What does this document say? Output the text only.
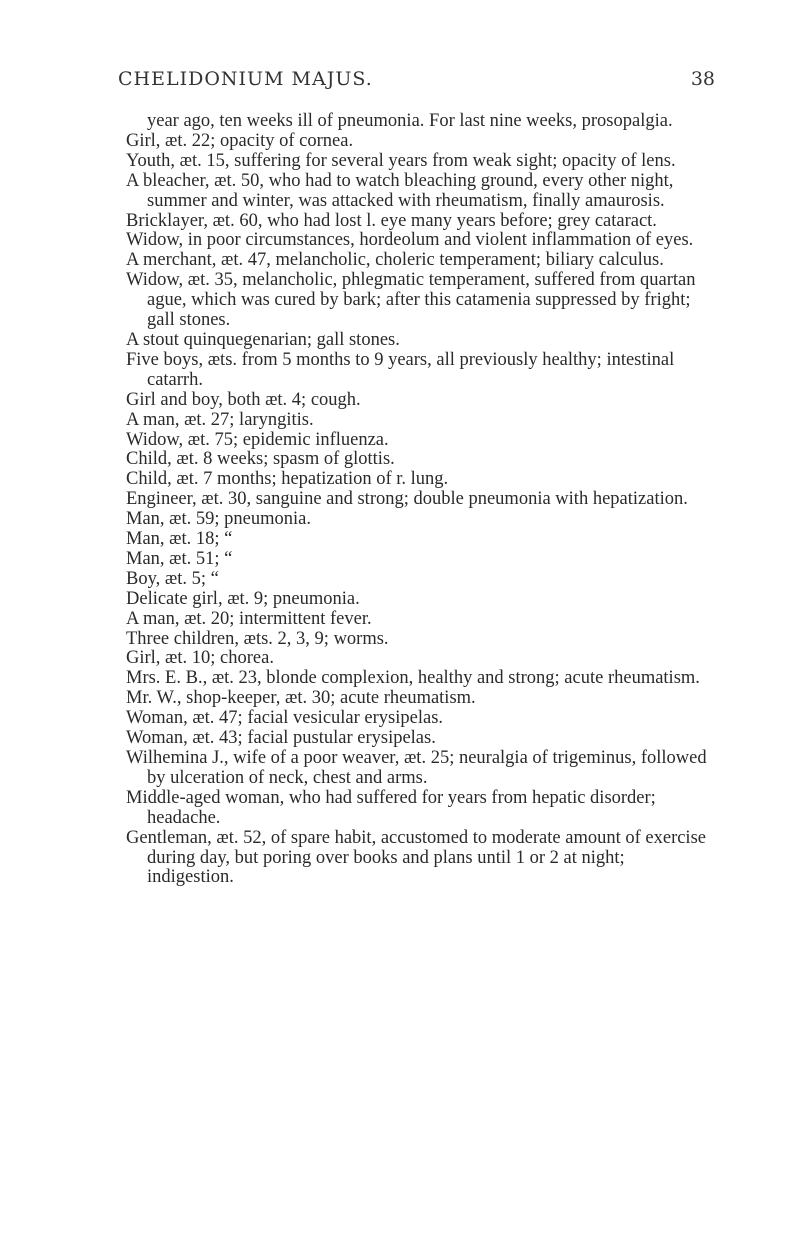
CHELIDONIUM MAJUS.	38

year ago, ten weeks ill of pneumonia. For last nine weeks, prosopalgia.

Girl, æt. 22; opacity of cornea.

Youth, æt. 15, suffering for several years from weak sight; opacity of lens.

A bleacher, æt. 50, who had to watch bleaching ground, every other night, summer and winter, was attacked with rheumatism, finally amaurosis.

Bricklayer, æt. 60, who had lost l. eye many years before; grey cataract.

Widow, in poor circumstances, hordeolum and violent inflammation of eyes.

A merchant, æt. 47, melancholic, choleric temperament; biliary calculus.

Widow, æt. 35, melancholic, phlegmatic temperament, suffered from quartan ague, which was cured by bark; after this catamenia suppressed by fright; gall stones.

A stout quinquegenarian; gall stones.

Five boys, æts. from 5 months to 9 years, all previously healthy; intestinal catarrh.

Girl and boy, both æt. 4; cough.

A man, æt. 27; laryngitis.

Widow, æt. 75; epidemic influenza.

Child, æt. 8 weeks; spasm of glottis.

Child, æt. 7 months; hepatization of r. lung.

Engineer, æt. 30, sanguine and strong; double pneumonia with hepatization.

Man, æt. 59; pneumonia.

Man, æt. 18; “

Man, æt. 51; “

Boy, æt. 5; “

Delicate girl, æt. 9; pneumonia.

A man, æt. 20; intermittent fever.

Three children, æts. 2, 3, 9; worms.

Girl, æt. 10; chorea.

Mrs. E. B., æt. 23, blonde complexion, healthy and strong; acute rheumatism.

Mr. W., shop-keeper, æt. 30; acute rheumatism.

Woman, æt. 47; facial vesicular erysipelas.

Woman, æt. 43; facial pustular erysipelas.

Wilhemina J., wife of a poor weaver, æt. 25; neuralgia of trigeminus, followed by ulceration of neck, chest and arms.

Middle-aged woman, who had suffered for years from hepatic disorder; headache.

Gentleman, æt. 52, of spare habit, accustomed to moderate amount of exercise during day, but poring over books and plans until 1 or 2 at night; indigestion.
